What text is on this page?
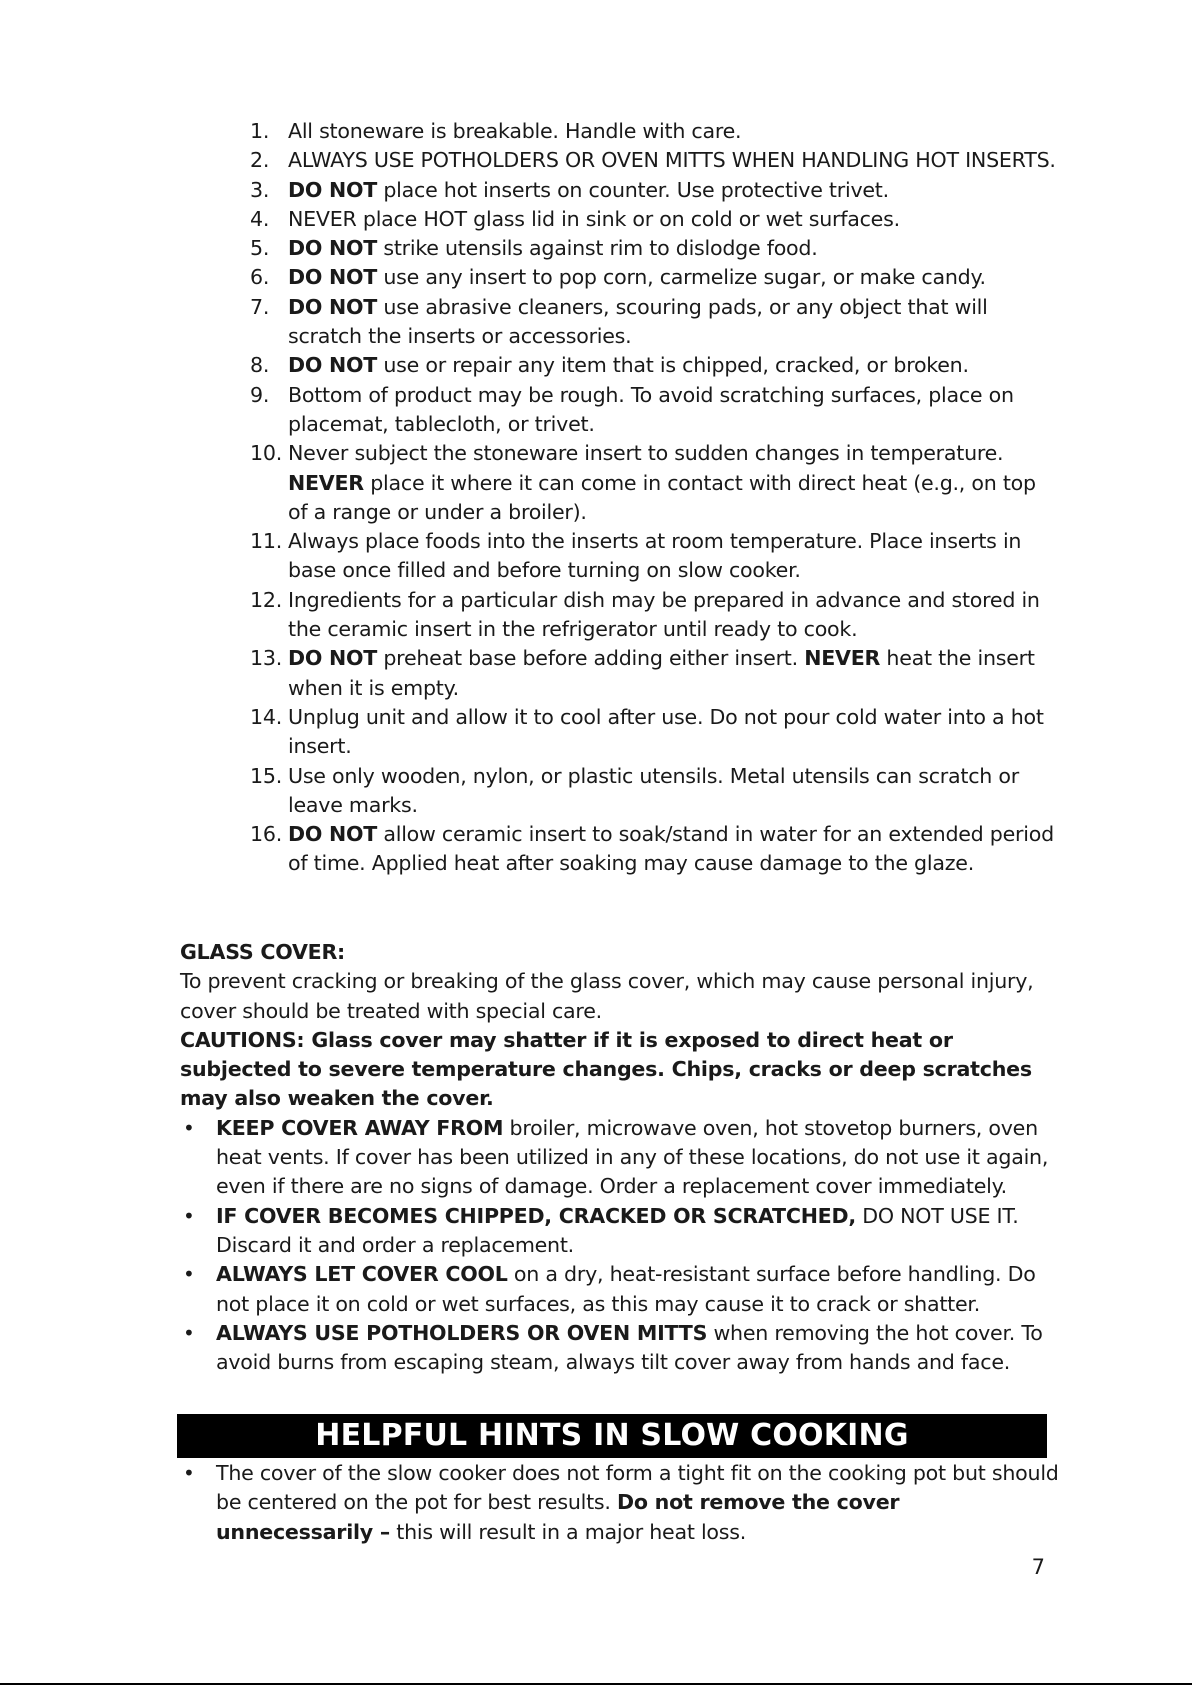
1. All stoneware is breakable. Handle with care.
2. ALWAYS USE POTHOLDERS OR OVEN MITTS WHEN HANDLING HOT INSERTS.
3. DO NOT place hot inserts on counter. Use protective trivet.
4. NEVER place HOT glass lid in sink or on cold or wet surfaces.
5. DO NOT strike utensils against rim to dislodge food.
6. DO NOT use any insert to pop corn, carmelize sugar, or make candy.
7. DO NOT use abrasive cleaners, scouring pads, or any object that will scratch the inserts or accessories.
8. DO NOT use or repair any item that is chipped, cracked, or broken.
9. Bottom of product may be rough. To avoid scratching surfaces, place on placemat, tablecloth, or trivet.
10. Never subject the stoneware insert to sudden changes in temperature. NEVER place it where it can come in contact with direct heat (e.g., on top of a range or under a broiler).
11. Always place foods into the inserts at room temperature. Place inserts in base once filled and before turning on slow cooker.
12. Ingredients for a particular dish may be prepared in advance and stored in the ceramic insert in the refrigerator until ready to cook.
13. DO NOT preheat base before adding either insert. NEVER heat the insert when it is empty.
14. Unplug unit and allow it to cool after use. Do not pour cold water into a hot insert.
15. Use only wooden, nylon, or plastic utensils. Metal utensils can scratch or leave marks.
16. DO NOT allow ceramic insert to soak/stand in water for an extended period of time. Applied heat after soaking may cause damage to the glaze.

GLASS COVER:

To prevent cracking or breaking of the glass cover, which may cause personal injury, cover should be treated with special care.

CAUTIONS: Glass cover may shatter if it is exposed to direct heat or subjected to severe temperature changes. Chips, cracks or deep scratches may also weaken the cover.

• KEEP COVER AWAY FROM broiler, microwave oven, hot stovetop burners, oven heat vents. If cover has been utilized in any of these locations, do not use it again, even if there are no signs of damage. Order a replacement cover immediately.
• IF COVER BECOMES CHIPPED, CRACKED OR SCRATCHED, DO NOT USE IT. Discard it and order a replacement.
• ALWAYS LET COVER COOL on a dry, heat-resistant surface before handling. Do not place it on cold or wet surfaces, as this may cause it to crack or shatter.
• ALWAYS USE POTHOLDERS OR OVEN MITTS when removing the hot cover. To avoid burns from escaping steam, always tilt cover away from hands and face.
HELPFUL HINTS IN SLOW COOKING
• The cover of the slow cooker does not form a tight fit on the cooking pot but should be centered on the pot for best results. Do not remove the cover unnecessarily – this will result in a major heat loss.
7
